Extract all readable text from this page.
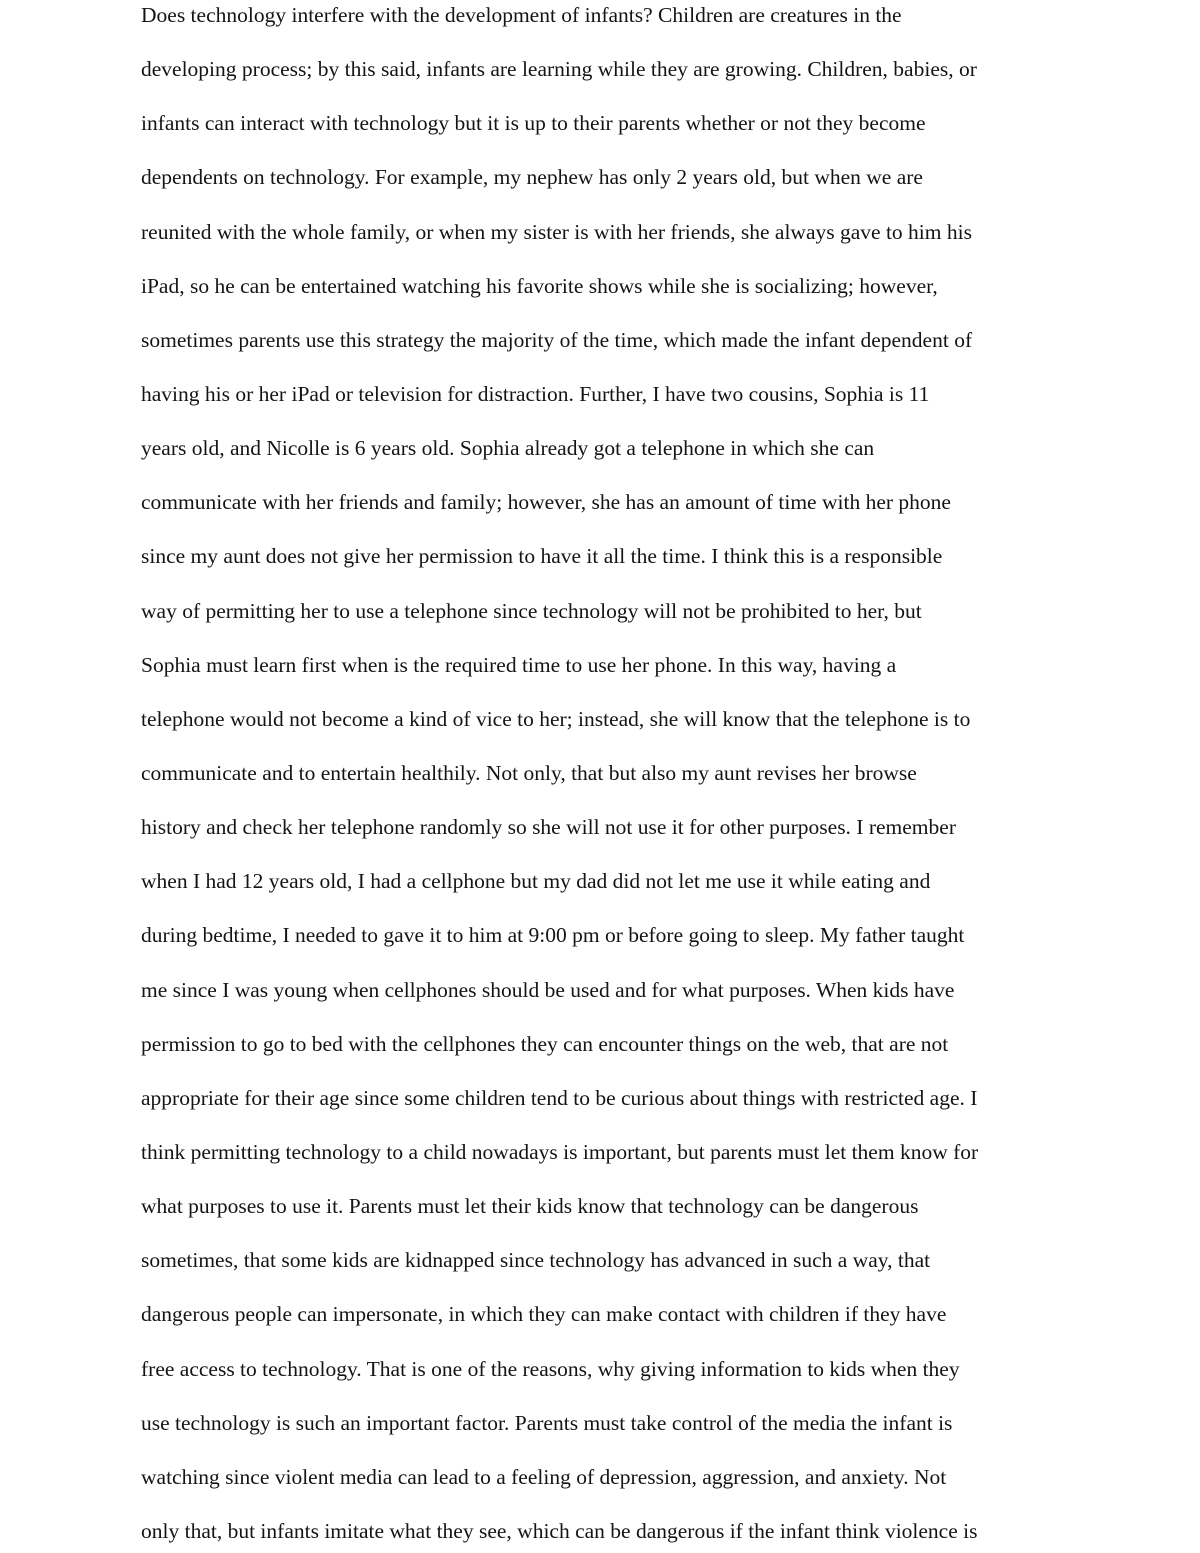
Does technology interfere with the development of infants? Children are creatures in the
developing process; by this said, infants are learning while they are growing. Children, babies, or
infants can interact with technology but it is up to their parents whether or not they become
dependents on technology. For example, my nephew has only 2 years old, but when we are
reunited with the whole family, or when my sister is with her friends, she always gave to him his
iPad, so he can be entertained watching his favorite shows while she is socializing; however,
sometimes parents use this strategy the majority of the time, which made the infant dependent of
having his or her iPad or television for distraction. Further, I have two cousins, Sophia is 11
years old, and Nicolle is 6 years old. Sophia already got a telephone in which she can
communicate with her friends and family; however, she has an amount of time with her phone
since my aunt does not give her permission to have it all the time. I think this is a responsible
way of permitting her to use a telephone since technology will not be prohibited to her, but
Sophia must learn first when is the required time to use her phone. In this way, having a
telephone would not become a kind of vice to her; instead, she will know that the telephone is to
communicate and to entertain healthily. Not only, that but also my aunt revises her browse
history and check her telephone randomly so she will not use it for other purposes. I remember
when I had 12 years old, I had a cellphone but my dad did not let me use it while eating and
during bedtime, I needed to gave it to him at 9:00 pm or before going to sleep. My father taught
me since I was young when cellphones should be used and for what purposes. When kids have
permission to go to bed with the cellphones they can encounter things on the web, that are not
appropriate for their age since some children tend to be curious about things with restricted age. I
think permitting technology to a child nowadays is important, but parents must let them know for
what purposes to use it. Parents must let their kids know that technology can be dangerous
sometimes, that some kids are kidnapped since technology has advanced in such a way, that
dangerous people can impersonate, in which they can make contact with children if they have
free access to technology. That is one of the reasons, why giving information to kids when they
use technology is such an important factor. Parents must take control of the media the infant is
watching since violent media can lead to a feeling of depression, aggression, and anxiety. Not
only that, but infants imitate what they see, which can be dangerous if the infant think violence is
